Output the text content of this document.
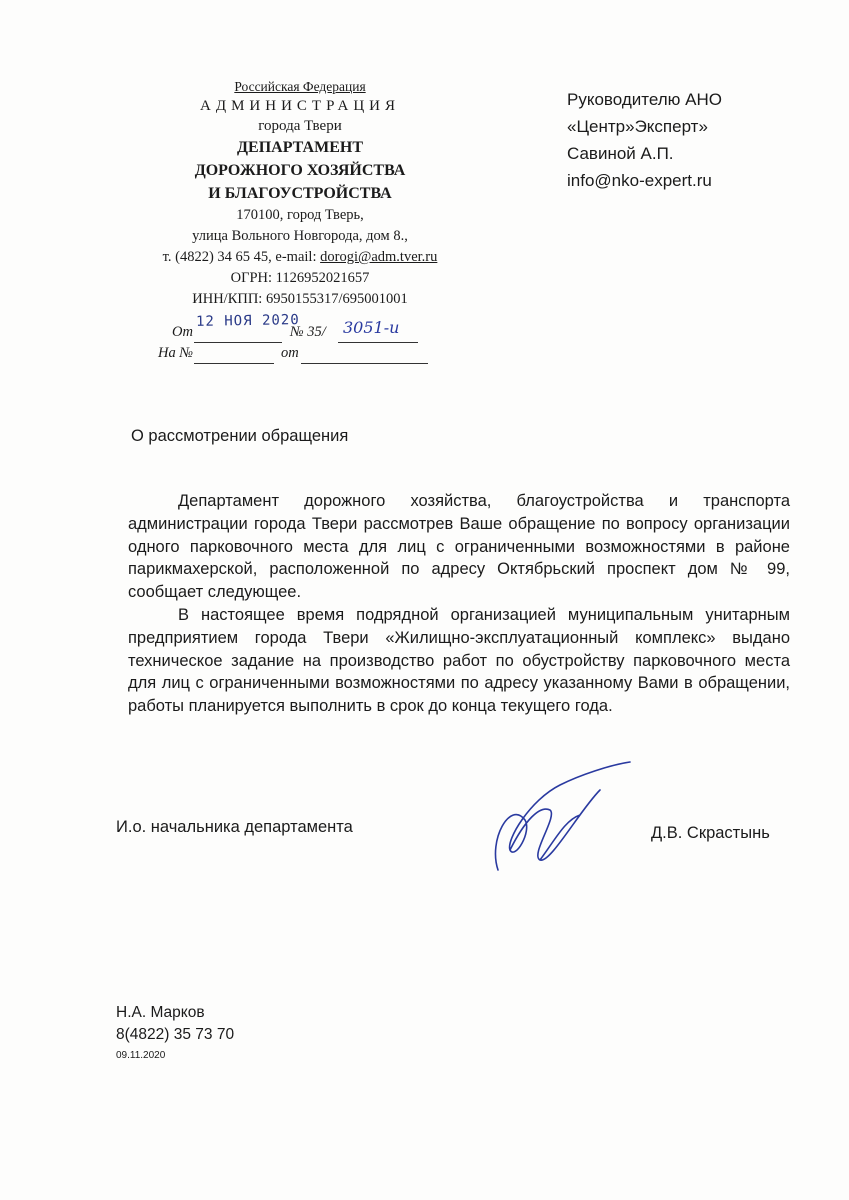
Российская Федерация
АДМИНИСТРАЦИЯ
города Твери
ДЕПАРТАМЕНТ
ДОРОЖНОГО ХОЗЯЙСТВА
И БЛАГОУСТРОЙСТВА
170100, город Тверь,
улица Вольного Новгорода, дом 8.,
т. (4822) 34 65 45, e-mail: dorogi@adm.tver.ru
ОГРН: 1126952021657
ИНН/КПП: 6950155317/695001001
От
12 НОЯ 2020
№ 35/ 3051-и
На №	от
Руководителю АНО
«Центр»Эксперт»
Савиной А.П.
info@nko-expert.ru
О рассмотрении обращения

Департамент дорожного хозяйства, благоустройства и транспорта администрации города Твери рассмотрев Ваше обращение по вопросу организации одного парковочного места для лиц с ограниченными возможностями в районе парикмахерской, расположенной по адресу Октябрьский проспект дом № 99, сообщает следующее.

В настоящее время подрядной организацией муниципальным унитарным предприятием города Твери «Жилищно-эксплуатационный комплекс» выдано техническое задание на производство работ по обустройству парковочного места для лиц с ограниченными возможностями по адресу указанному Вами в обращении, работы планируется выполнить в срок до конца текущего года.

И.о. начальника департамента	Д.В. Скрастынь
Н.А. Марков
8(4822) 35 73 70
09.11.2020
